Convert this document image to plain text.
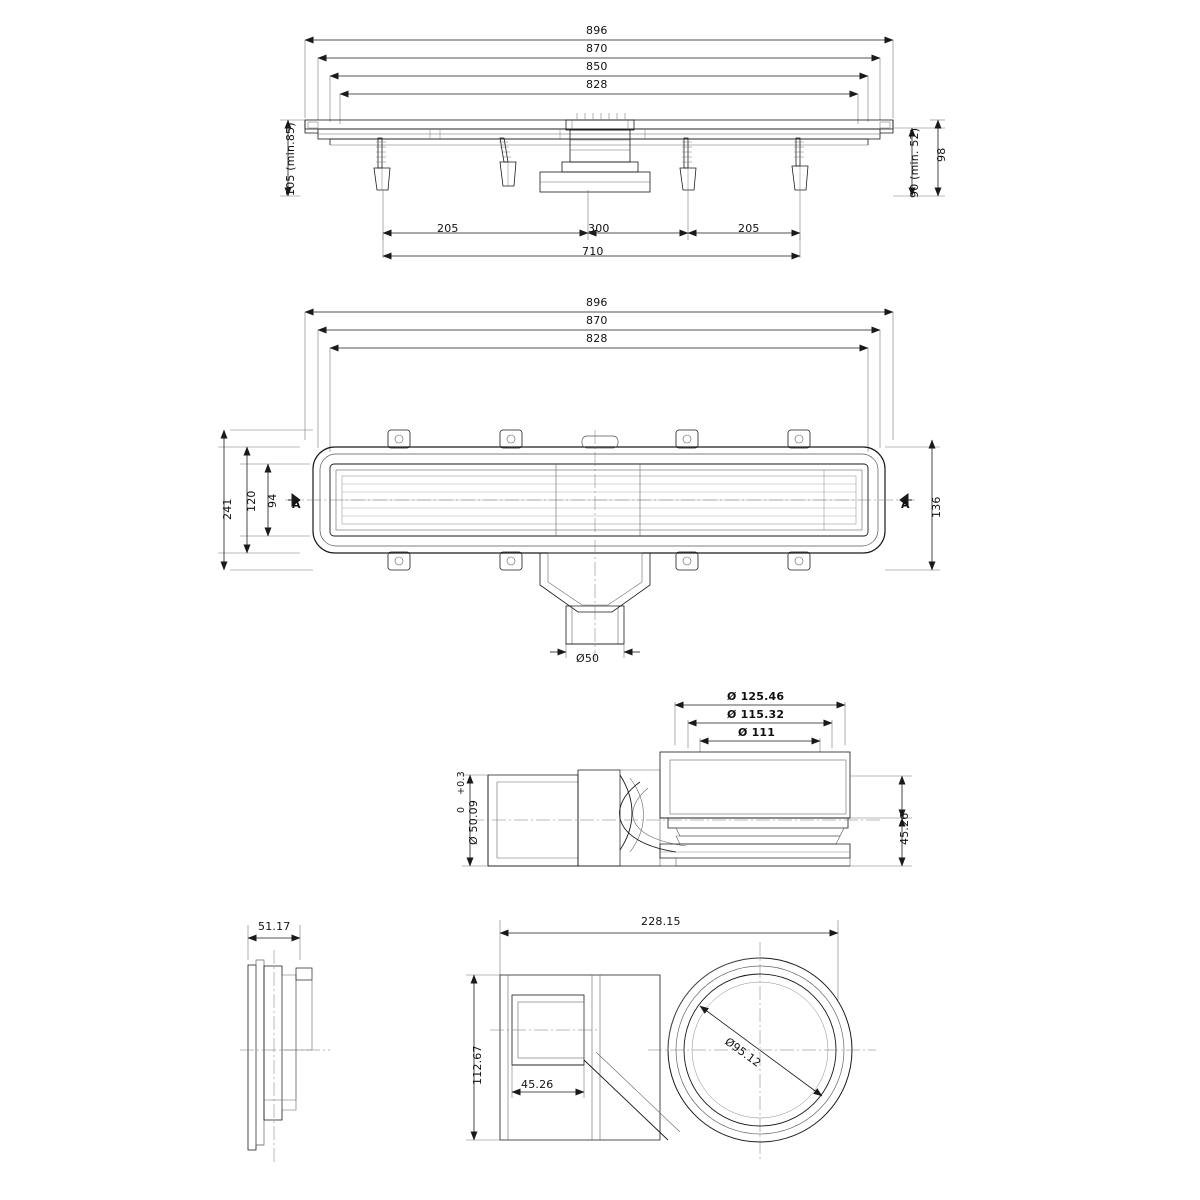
896
870
850
828
105 (min.85)	90 (min. 52) 98
205	300	205
710
896
870
828
241 120 94	136
Ø50
A	A
Ø 125.46
Ø 115.32
Ø 111
45.26
Ø 50.09
+0.3
0
51.17	228.15
112.67	45.26
Ø95.12
